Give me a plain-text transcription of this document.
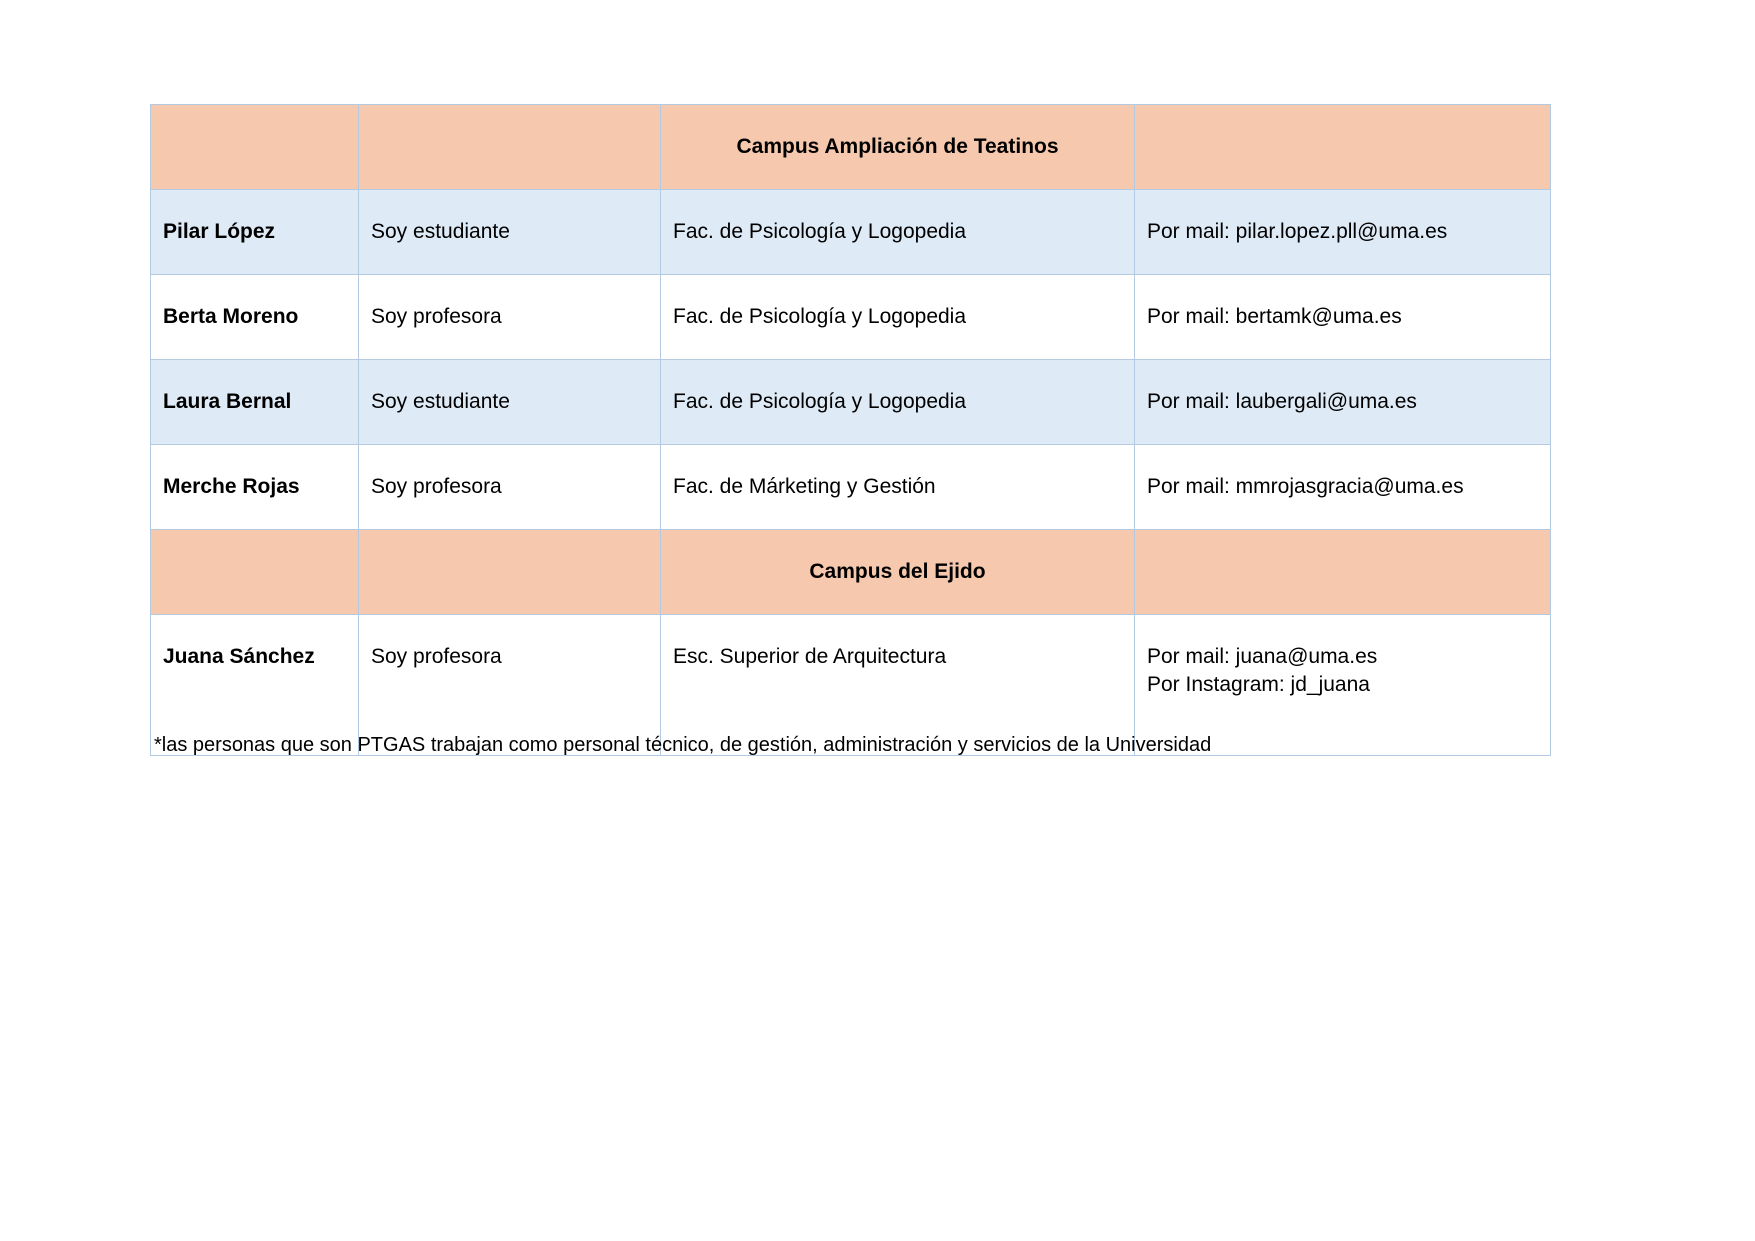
		Campus Ampliación de Teatinos	
Pilar López	Soy estudiante	Fac. de Psicología y Logopedia	Por mail: pilar.lopez.pll@uma.es
Berta Moreno	Soy profesora	Fac. de Psicología y Logopedia	Por mail: bertamk@uma.es
Laura Bernal	Soy estudiante	Fac. de Psicología y Logopedia	Por mail: laubergali@uma.es
Merche Rojas	Soy profesora	Fac. de Márketing y Gestión	Por mail: mmrojasgracia@uma.es
		Campus del Ejido	
Juana Sánchez	Soy profesora	Esc. Superior de Arquitectura	Por mail: juana@uma.es
Por Instagram: jd_juana
*las personas que son PTGAS trabajan como personal técnico, de gestión, administración y servicios de la Universidad
